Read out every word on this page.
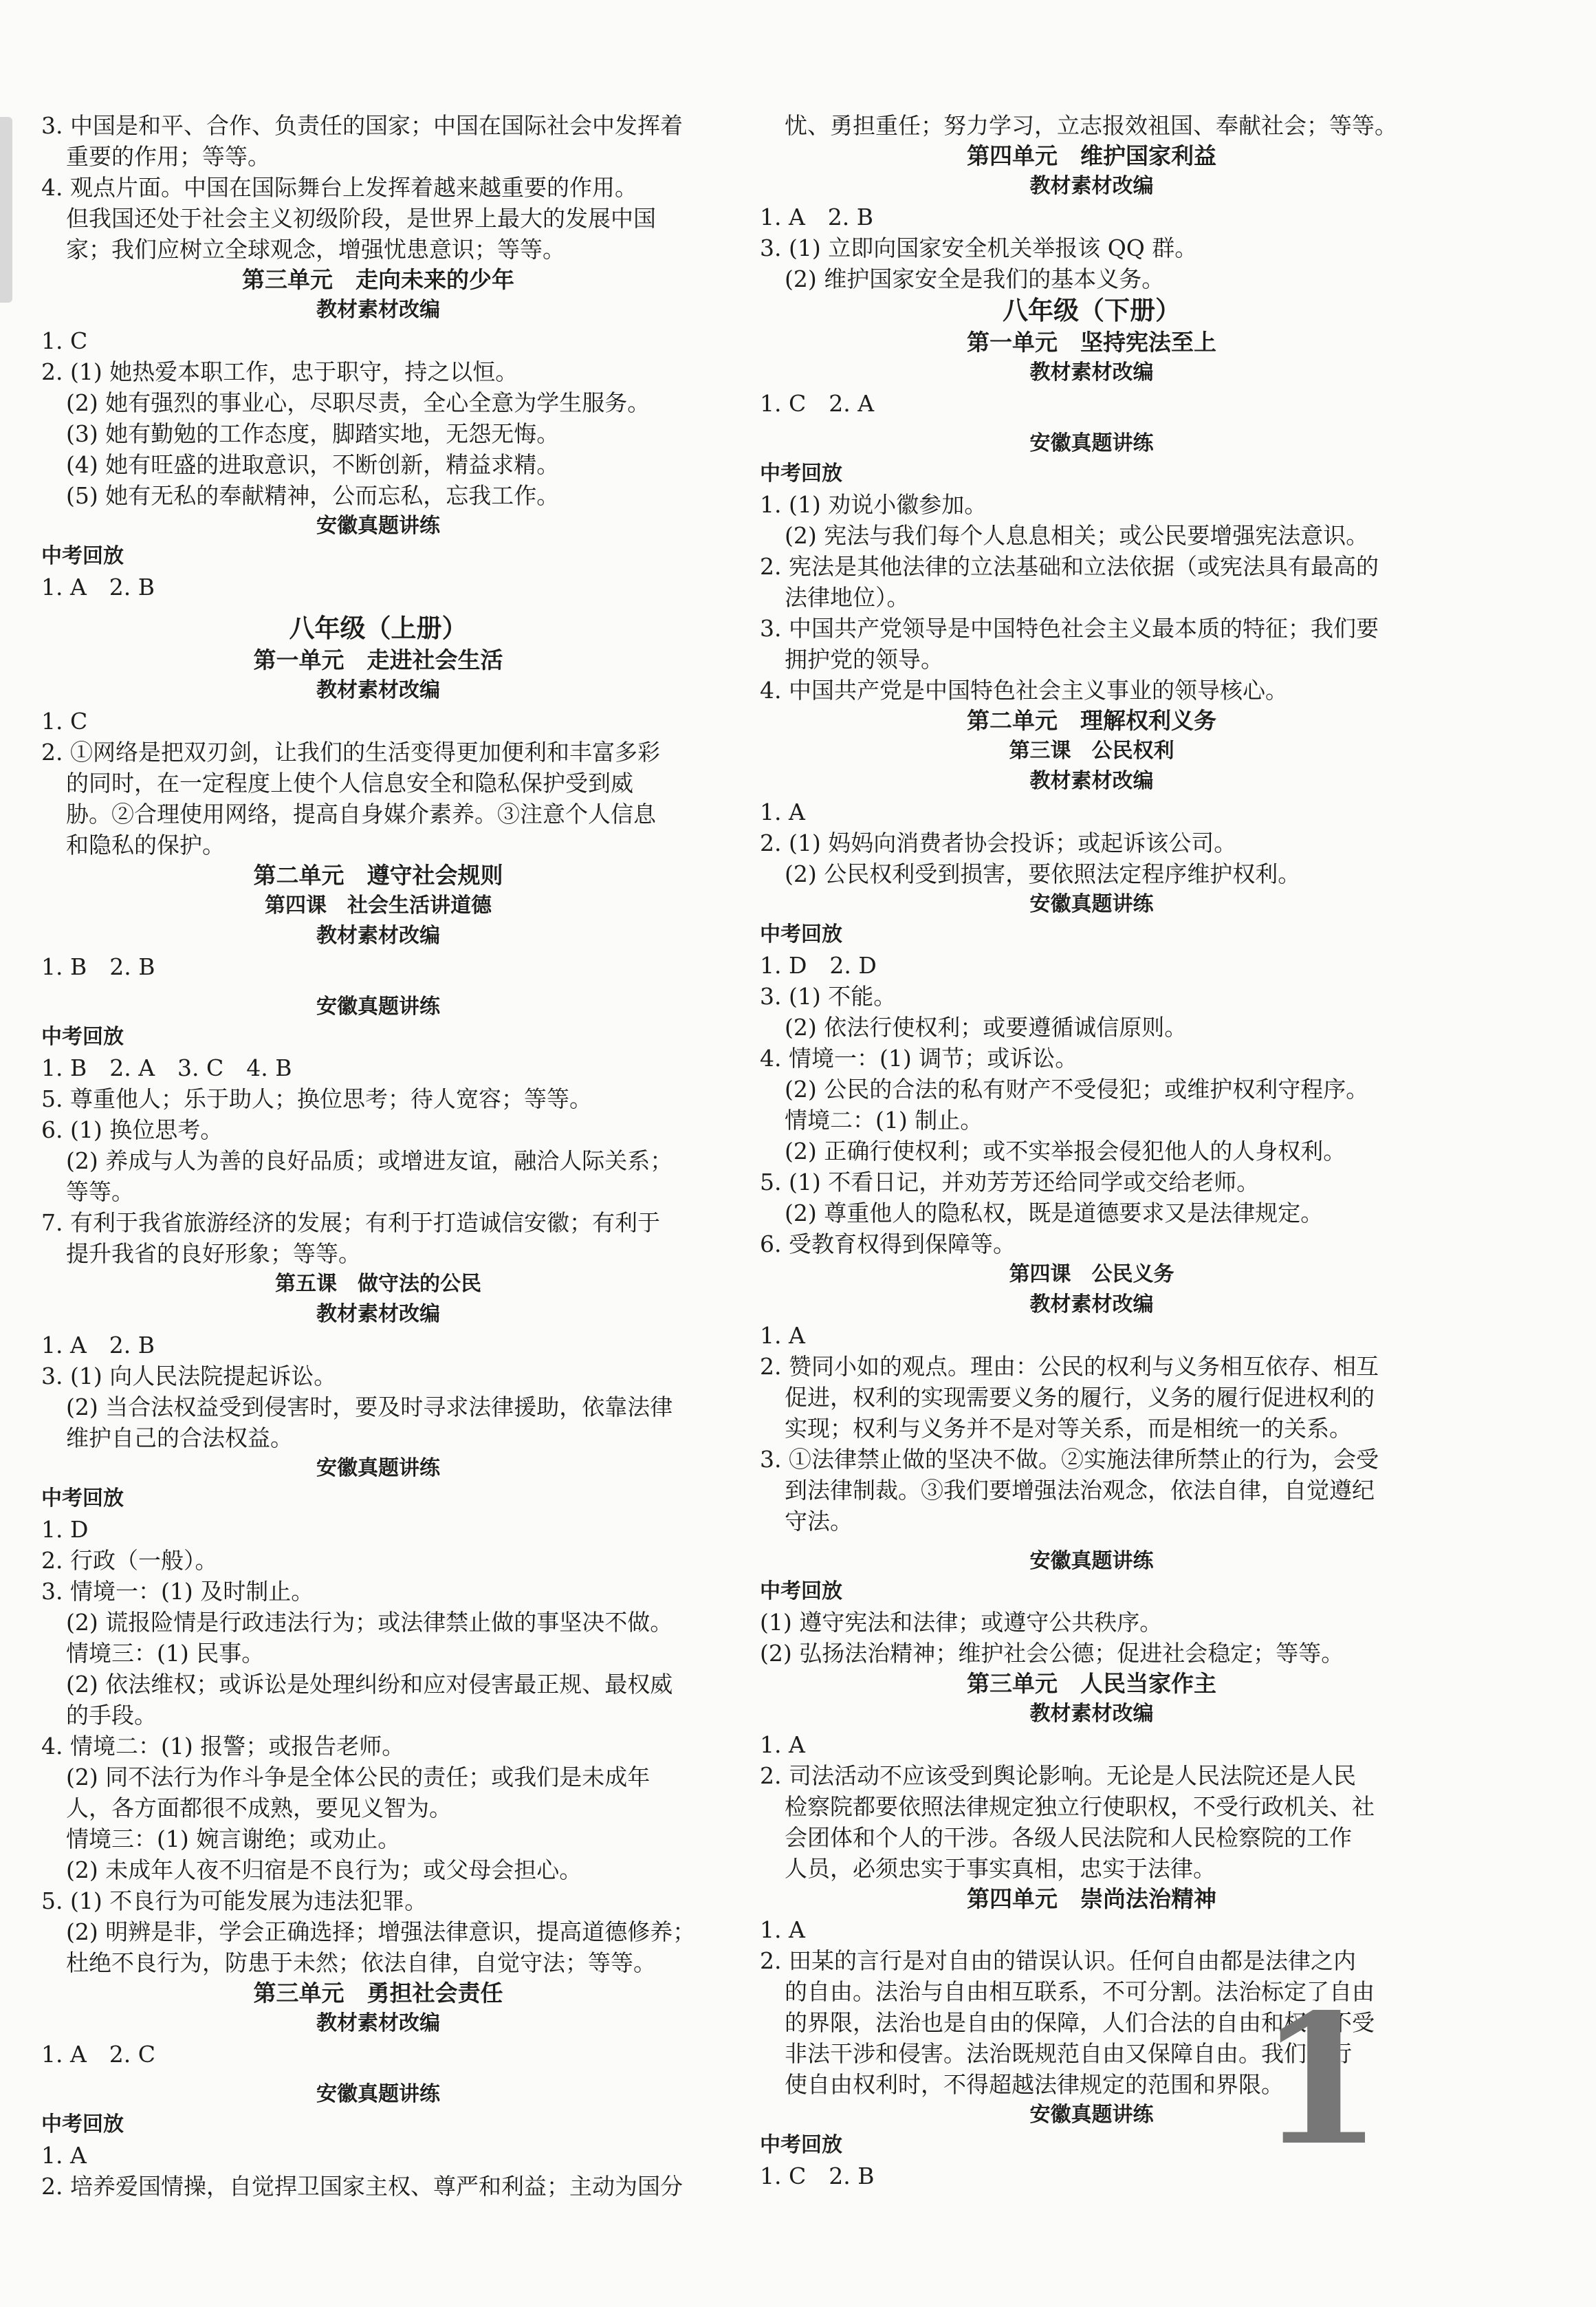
3. 中国是和平、合作、负责任的国家；中国在国际社会中发挥着
重要的作用；等等。
4. 观点片面。中国在国际舞台上发挥着越来越重要的作用。
但我国还处于社会主义初级阶段，是世界上最大的发展中国
家；我们应树立全球观念，增强忧患意识；等等。
第三单元　走向未来的少年
教材素材改编
1. C
2. (1) 她热爱本职工作，忠于职守，持之以恒。
(2) 她有强烈的事业心，尽职尽责，全心全意为学生服务。
(3) 她有勤勉的工作态度，脚踏实地，无怨无悔。
(4) 她有旺盛的进取意识，不断创新，精益求精。
(5) 她有无私的奉献精神，公而忘私，忘我工作。
安徽真题讲练
中考回放
1. A　2. B
八年级（上册）
第一单元　走进社会生活
教材素材改编
1. C
2. ①网络是把双刃剑，让我们的生活变得更加便利和丰富多彩
的同时，在一定程度上使个人信息安全和隐私保护受到威
胁。②合理使用网络，提高自身媒介素养。③注意个人信息
和隐私的保护。
第二单元　遵守社会规则
第四课　社会生活讲道德
教材素材改编
1. B　2. B
安徽真题讲练
中考回放
1. B　2. A　3. C　4. B
5. 尊重他人；乐于助人；换位思考；待人宽容；等等。
6. (1) 换位思考。
(2) 养成与人为善的良好品质；或增进友谊，融洽人际关系；
等等。
7. 有利于我省旅游经济的发展；有利于打造诚信安徽；有利于
提升我省的良好形象；等等。
第五课　做守法的公民
教材素材改编
1. A　2. B
3. (1) 向人民法院提起诉讼。
(2) 当合法权益受到侵害时，要及时寻求法律援助，依靠法律
维护自己的合法权益。
安徽真题讲练
中考回放
1. D
2. 行政（一般）。
3. 情境一：(1) 及时制止。
(2) 谎报险情是行政违法行为；或法律禁止做的事坚决不做。
情境三：(1) 民事。
(2) 依法维权；或诉讼是处理纠纷和应对侵害最正规、最权威
的手段。
4. 情境二：(1) 报警；或报告老师。
(2) 同不法行为作斗争是全体公民的责任；或我们是未成年
人，各方面都很不成熟，要见义智为。
情境三：(1) 婉言谢绝；或劝止。
(2) 未成年人夜不归宿是不良行为；或父母会担心。
5. (1) 不良行为可能发展为违法犯罪。
(2) 明辨是非，学会正确选择；增强法律意识，提高道德修养；
杜绝不良行为，防患于未然；依法自律，自觉守法；等等。
第三单元　勇担社会责任
教材素材改编
1. A　2. C
安徽真题讲练
中考回放
1. A
2. 培养爱国情操，自觉捍卫国家主权、尊严和利益；主动为国分
忧、勇担重任；努力学习，立志报效祖国、奉献社会；等等。
第四单元　维护国家利益
教材素材改编
1. A　2. B
3. (1) 立即向国家安全机关举报该 QQ 群。
(2) 维护国家安全是我们的基本义务。
八年级（下册）
第一单元　坚持宪法至上
教材素材改编
1. C　2. A
安徽真题讲练
中考回放
1. (1) 劝说小徽参加。
(2) 宪法与我们每个人息息相关；或公民要增强宪法意识。
2. 宪法是其他法律的立法基础和立法依据（或宪法具有最高的
法律地位）。
3. 中国共产党领导是中国特色社会主义最本质的特征；我们要
拥护党的领导。
4. 中国共产党是中国特色社会主义事业的领导核心。
第二单元　理解权利义务
第三课　公民权利
教材素材改编
1. A
2. (1) 妈妈向消费者协会投诉；或起诉该公司。
(2) 公民权利受到损害，要依照法定程序维护权利。
安徽真题讲练
中考回放
1. D　2. D
3. (1) 不能。
(2) 依法行使权利；或要遵循诚信原则。
4. 情境一：(1) 调节；或诉讼。
(2) 公民的合法的私有财产不受侵犯；或维护权利守程序。
情境二：(1) 制止。
(2) 正确行使权利；或不实举报会侵犯他人的人身权利。
5. (1) 不看日记，并劝芳芳还给同学或交给老师。
(2) 尊重他人的隐私权，既是道德要求又是法律规定。
6. 受教育权得到保障等。
第四课　公民义务
教材素材改编
1. A
2. 赞同小如的观点。理由：公民的权利与义务相互依存、相互
促进，权利的实现需要义务的履行，义务的履行促进权利的
实现；权利与义务并不是对等关系，而是相统一的关系。
3. ①法律禁止做的坚决不做。②实施法律所禁止的行为，会受
到法律制裁。③我们要增强法治观念，依法自律，自觉遵纪
守法。
安徽真题讲练
中考回放
(1) 遵守宪法和法律；或遵守公共秩序。
(2) 弘扬法治精神；维护社会公德；促进社会稳定；等等。
第三单元　人民当家作主
教材素材改编
1. A
2. 司法活动不应该受到舆论影响。无论是人民法院还是人民
检察院都要依照法律规定独立行使职权，不受行政机关、社
会团体和个人的干涉。各级人民法院和人民检察院的工作
人员，必须忠实于事实真相，忠实于法律。
第四单元　崇尚法治精神
1. A
2. 田某的言行是对自由的错误认识。任何自由都是法律之内
的自由。法治与自由相互联系，不可分割。法治标定了自由
的界限，法治也是自由的保障，人们合法的自由和权利不受
非法干涉和侵害。法治既规范自由又保障自由。我们在行
使自由权利时，不得超越法律规定的范围和界限。
安徽真题讲练
中考回放
1. C　2. B	1
